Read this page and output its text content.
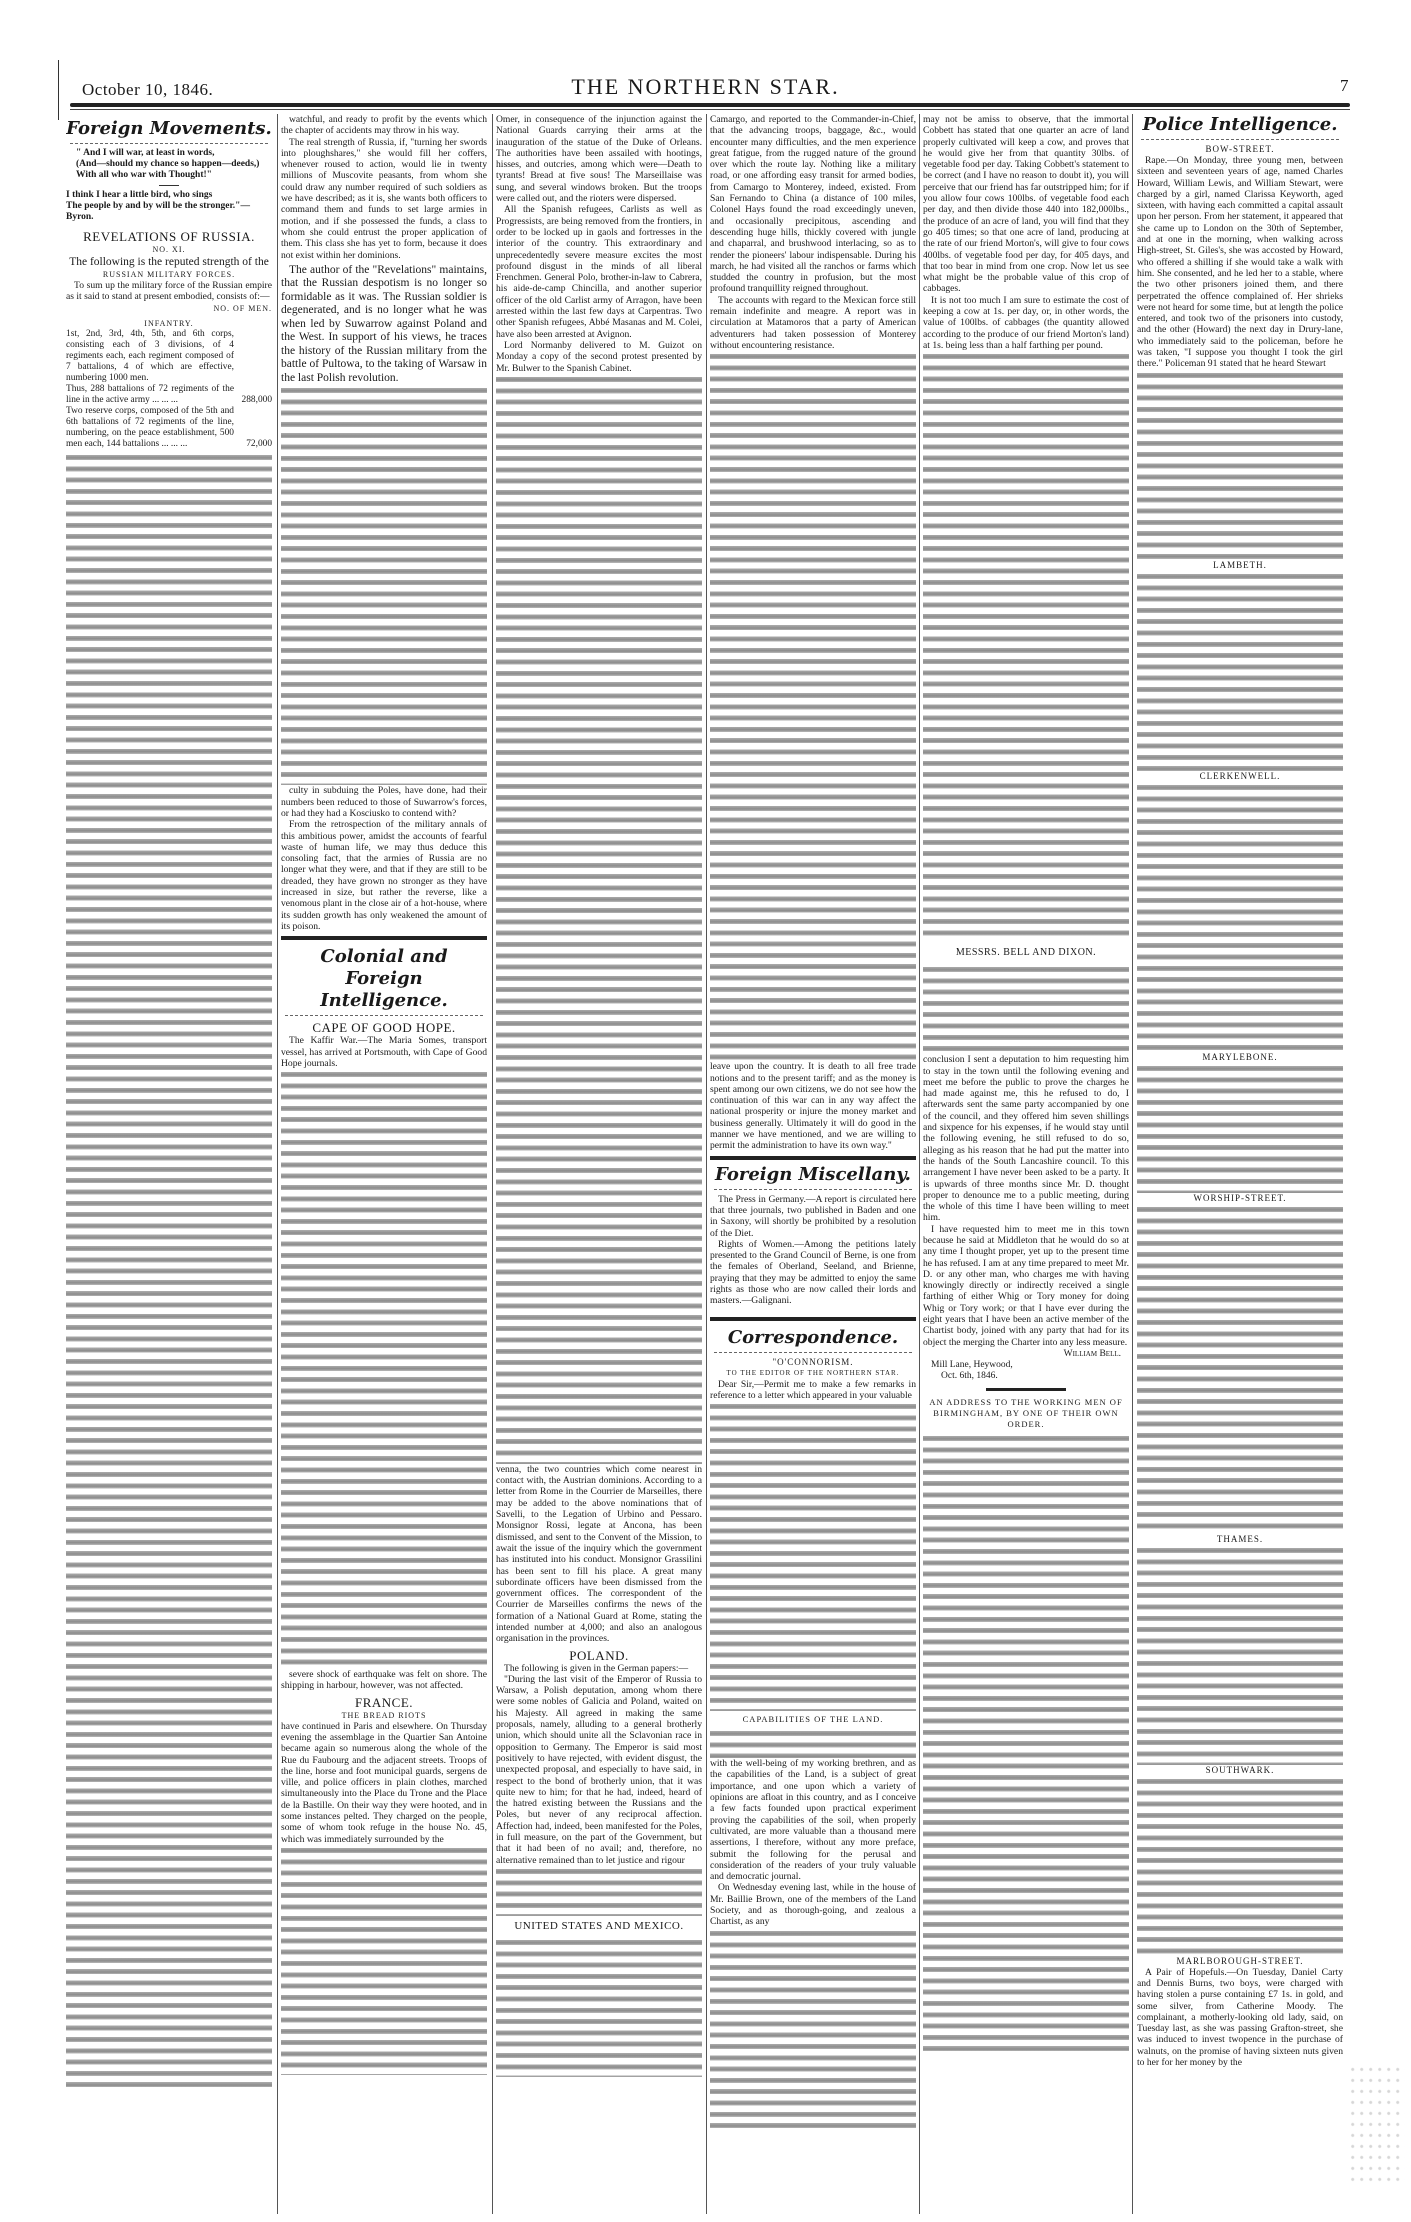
October 10, 1846.	THE NORTHERN STAR.	7
Foreign Movements.
" And I will war, at least in words,
(And—should my chance so happen—deeds,)
With all who war with Thought!"
I think I hear a little bird, who sings
The people by and by will be the stronger."—Byron.
REVELATIONS OF RUSSIA.
NO. XI.
The following is the reputed strength of the
RUSSIAN MILITARY FORCES.

To sum up the military force of the Russian empire as it said to stand at present embodied, consists of:—

NO. OF MEN.
INFANTRY.
1st, 2nd, 3rd, 4th, 5th, and 6th corps, consisting each of 3 divisions, of 4 regiments each, each regiment composed of 7 battalions, 4 of which are effective, numbering 1000 men.
Thus, 288 battalions of 72 regiments of the line in the active army ... ... ...	288,000
Two reserve corps, composed of the 5th and 6th battalions of 72 regiments of the line, numbering, on the peace establishment, 500 men each, 144 battalions ... ... ...	72,000

watchful, and ready to profit by the events which the chapter of accidents may throw in his way.

The real strength of Russia, if, "turning her swords into ploughshares," she would fill her coffers, whenever roused to action, would lie in twenty millions of Muscovite peasants, from whom she could draw any number required of such soldiers as we have described; as it is, she wants both officers to command them and funds to set large armies in motion, and if she possessed the funds, a class to whom she could entrust the proper application of them. This class she has yet to form, because it does not exist within her dominions.

The author of the "Revelations" maintains, that the Russian despotism is no longer so formidable as it was. The Russian soldier is degenerated, and is no longer what he was when led by Suwarrow against Poland and the West. In support of his views, he traces the history of the Russian military from the battle of Pultowa, to the taking of Warsaw in the last Polish revolution.

culty in subduing the Poles, have done, had their numbers been reduced to those of Suwarrow's forces, or had they had a Kosciusko to contend with?

From the retrospection of the military annals of this ambitious power, amidst the accounts of fearful waste of human life, we may thus deduce this consoling fact, that the armies of Russia are no longer what they were, and that if they are still to be dreaded, they have grown no stronger as they have increased in size, but rather the reverse, like a venomous plant in the close air of a hot-house, where its sudden growth has only weakened the amount of its poison.

Colonial and Foreign Intelligence.
CAPE OF GOOD HOPE.

The Kaffir War.—The Maria Somes, transport vessel, has arrived at Portsmouth, with Cape of Good Hope journals.

severe shock of earthquake was felt on shore. The shipping in harbour, however, was not affected.

FRANCE.
THE BREAD RIOTS

have continued in Paris and elsewhere. On Thursday evening the assemblage in the Quartier San Antoine became again so numerous along the whole of the Rue du Faubourg and the adjacent streets. Troops of the line, horse and foot municipal guards, sergens de ville, and police officers in plain clothes, marched simultaneously into the Place du Trone and the Place de la Bastille. On their way they were hooted, and in some instances pelted. They charged on the people, some of whom took refuge in the house No. 45, which was immediately surrounded by the

Omer, in consequence of the injunction against the National Guards carrying their arms at the inauguration of the statue of the Duke of Orleans. The authorities have been assailed with hootings, hisses, and outcries, among which were—Death to tyrants! Bread at five sous! The Marseillaise was sung, and several windows broken. But the troops were called out, and the rioters were dispersed.

All the Spanish refugees, Carlists as well as Progressists, are being removed from the frontiers, in order to be locked up in gaols and fortresses in the interior of the country. This extraordinary and unprecedentedly severe measure excites the most profound disgust in the minds of all liberal Frenchmen. General Polo, brother-in-law to Cabrera, his aide-de-camp Chincilla, and another superior officer of the old Carlist army of Arragon, have been arrested within the last few days at Carpentras. Two other Spanish refugees, Abbé Masanas and M. Colei, have also been arrested at Avignon.

Lord Normanby delivered to M. Guizot on Monday a copy of the second protest presented by Mr. Bulwer to the Spanish Cabinet.

venna, the two countries which come nearest in contact with, the Austrian dominions. According to a letter from Rome in the Courrier de Marseilles, there may be added to the above nominations that of Savelli, to the Legation of Urbino and Pessaro. Monsignor Rossi, legate at Ancona, has been dismissed, and sent to the Convent of the Mission, to await the issue of the inquiry which the government has instituted into his conduct. Monsignor Grassilini has been sent to fill his place. A great many subordinate officers have been dismissed from the government offices. The correspondent of the Courrier de Marseilles confirms the news of the formation of a National Guard at Rome, stating the intended number at 4,000; and also an analogous organisation in the provinces.

POLAND.

The following is given in the German papers:—

"During the last visit of the Emperor of Russia to Warsaw, a Polish deputation, among whom there were some nobles of Galicia and Poland, waited on his Majesty. All agreed in making the same proposals, namely, alluding to a general brotherly union, which should unite all the Sclavonian race in opposition to Germany. The Emperor is said most positively to have rejected, with evident disgust, the unexpected proposal, and especially to have said, in respect to the bond of brotherly union, that it was quite new to him; for that he had, indeed, heard of the hatred existing between the Russians and the Poles, but never of any reciprocal affection. Affection had, indeed, been manifested for the Poles, in full measure, on the part of the Government, but that it had been of no avail; and, therefore, no alternative remained than to let justice and rigour

UNITED STATES AND MEXICO.

Camargo, and reported to the Commander-in-Chief, that the advancing troops, baggage, &c., would encounter many difficulties, and the men experience great fatigue, from the rugged nature of the ground over which the route lay. Nothing like a military road, or one affording easy transit for armed bodies, from Camargo to Monterey, indeed, existed. From San Fernando to China (a distance of 100 miles, Colonel Hays found the road exceedingly uneven, and occasionally precipitous, ascending and descending huge hills, thickly covered with jungle and chaparral, and brushwood interlacing, so as to render the pioneers' labour indispensable. During his march, he had visited all the ranchos or farms which studded the country in profusion, but the most profound tranquillity reigned throughout.

The accounts with regard to the Mexican force still remain indefinite and meagre. A report was in circulation at Matamoros that a party of American adventurers had taken possession of Monterey without encountering resistance.

leave upon the country. It is death to all free trade notions and to the present tariff; and as the money is spent among our own citizens, we do not see how the continuation of this war can in any way affect the national prosperity or injure the money market and business generally. Ultimately it will do good in the manner we have mentioned, and we are willing to permit the administration to have its own way."

Foreign Miscellany.

The Press in Germany.—A report is circulated here that three journals, two published in Baden and one in Saxony, will shortly be prohibited by a resolution of the Diet.

Rights of Women.—Among the petitions lately presented to the Grand Council of Berne, is one from the females of Oberland, Seeland, and Brienne, praying that they may be admitted to enjoy the same rights as those who are now called their lords and masters.—Galignani.

Correspondence.
"O'CONNORISM.
TO THE EDITOR OF THE NORTHERN STAR.

Dear Sir,—Permit me to make a few remarks in reference to a letter which appeared in your valuable

CAPABILITIES OF THE LAND.

with the well-being of my working brethren, and as the capabilities of the Land, is a subject of great importance, and one upon which a variety of opinions are afloat in this country, and as I conceive a few facts founded upon practical experiment proving the capabilities of the soil, when properly cultivated, are more valuable than a thousand mere assertions, I therefore, without any more preface, submit the following for the perusal and consideration of the readers of your truly valuable and democratic journal.

On Wednesday evening last, while in the house of Mr. Baillie Brown, one of the members of the Land Society, and as thorough-going, and zealous a Chartist, as any

may not be amiss to observe, that the immortal Cobbett has stated that one quarter an acre of land properly cultivated will keep a cow, and proves that he would give her from that quantity 30lbs. of vegetable food per day. Taking Cobbett's statement to be correct (and I have no reason to doubt it), you will perceive that our friend has far outstripped him; for if you allow four cows 100lbs. of vegetable food each per day, and then divide those 440 into 182,000lbs., the produce of an acre of land, you will find that they go 405 times; so that one acre of land, producing at the rate of our friend Morton's, will give to four cows 400lbs. of vegetable food per day, for 405 days, and that too bear in mind from one crop. Now let us see what might be the probable value of this crop of cabbages.

It is not too much I am sure to estimate the cost of keeping a cow at 1s. per day, or, in other words, the value of 100lbs. of cabbages (the quantity allowed according to the produce of our friend Morton's land) at 1s. being less than a half farthing per pound.

MESSRS. BELL AND DIXON.

conclusion I sent a deputation to him requesting him to stay in the town until the following evening and meet me before the public to prove the charges he had made against me, this he refused to do, I afterwards sent the same party accompanied by one of the council, and they offered him seven shillings and sixpence for his expenses, if he would stay until the following evening, he still refused to do so, alleging as his reason that he had put the matter into the hands of the South Lancashire council. To this arrangement I have never been asked to be a party. It is upwards of three months since Mr. D. thought proper to denounce me to a public meeting, during the whole of this time I have been willing to meet him.

I have requested him to meet me in this town because he said at Middleton that he would do so at any time I thought proper, yet up to the present time he has refused. I am at any time prepared to meet Mr. D. or any other man, who charges me with having knowingly directly or indirectly received a single farthing of either Whig or Tory money for doing Whig or Tory work; or that I have ever during the eight years that I have been an active member of the Chartist body, joined with any party that had for its object the merging the Charter into any less measure.

William Bell.
Mill Lane, Heywood,
Oct. 6th, 1846.
AN ADDRESS TO THE WORKING MEN OF BIRMINGHAM, BY ONE OF THEIR OWN ORDER.
Police Intelligence.
BOW-STREET.

Rape.—On Monday, three young men, between sixteen and seventeen years of age, named Charles Howard, William Lewis, and William Stewart, were charged by a girl, named Clarissa Keyworth, aged sixteen, with having each committed a capital assault upon her person. From her statement, it appeared that she came up to London on the 30th of September, and at one in the morning, when walking across High-street, St. Giles's, she was accosted by Howard, who offered a shilling if she would take a walk with him. She consented, and he led her to a stable, where the two other prisoners joined them, and there perpetrated the offence complained of. Her shrieks were not heard for some time, but at length the police entered, and took two of the prisoners into custody, and the other (Howard) the next day in Drury-lane, who immediately said to the policeman, before he was taken, "I suppose you thought I took the girl there." Policeman 91 stated that he heard Stewart

LAMBETH.
CLERKENWELL.
MARYLEBONE.
WORSHIP-STREET.
THAMES.
SOUTHWARK.
MARLBOROUGH-STREET.

A Pair of Hopefuls.—On Tuesday, Daniel Carty and Dennis Burns, two boys, were charged with having stolen a purse containing £7 1s. in gold, and some silver, from Catherine Moody. The complainant, a motherly-looking old lady, said, on Tuesday last, as she was passing Grafton-street, she was induced to invest twopence in the purchase of walnuts, on the promise of having sixteen nuts given to her for her money by the
